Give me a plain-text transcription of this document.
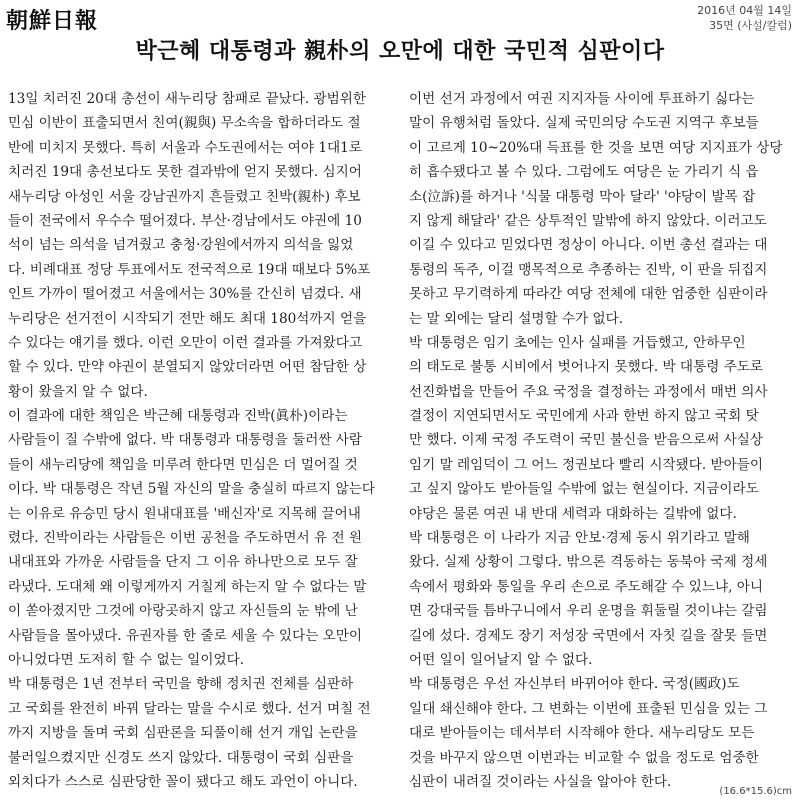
朝鮮日報	2016년 04월 14일
35면 (사설/칼럼)
박근혜 대통령과 親朴의 오만에 대한 국민적 심판이다
13일 치러진 20대 총선이 새누리당 참패로 끝났다. 광범위한
민심 이반이 표출되면서 친여(親與) 무소속을 합하더라도 절
반에 미치지 못했다. 특히 서울과 수도권에서는 여야 1대1로
치러진 19대 총선보다도 못한 결과밖에 얻지 못했다. 심지어
새누리당 아성인 서울 강남권까지 흔들렸고 친박(親朴) 후보
들이 전국에서 우수수 떨어졌다. 부산·경남에서도 야권에 10
석이 넘는 의석을 넘겨줬고 충청·강원에서까지 의석을 잃었
다. 비례대표 정당 투표에서도 전국적으로 19대 때보다 5%포
인트 가까이 떨어졌고 서울에서는 30%를 간신히 넘겼다. 새
누리당은 선거전이 시작되기 전만 해도 최대 180석까지 얻을
수 있다는 얘기를 했다. 이런 오만이 이런 결과를 가져왔다고
할 수 있다. 만약 야권이 분열되지 않았더라면 어떤 참담한 상
황이 왔을지 알 수 없다.
이 결과에 대한 책임은 박근혜 대통령과 진박(眞朴)이라는
사람들이 질 수밖에 없다. 박 대통령과 대통령을 둘러싼 사람
들이 새누리당에 책임을 미루려 한다면 민심은 더 멀어질 것
이다. 박 대통령은 작년 5월 자신의 말을 충실히 따르지 않는다
는 이유로 유승민 당시 원내대표를 '배신자'로 지목해 끌어내
렸다. 진박이라는 사람들은 이번 공천을 주도하면서 유 전 원
내대표와 가까운 사람들을 단지 그 이유 하나만으로 모두 잘
라냈다. 도대체 왜 이렇게까지 거칠게 하는지 알 수 없다는 말
이 쏟아졌지만 그것에 아랑곳하지 않고 자신들의 눈 밖에 난
사람들을 몰아냈다. 유권자를 한 줄로 세울 수 있다는 오만이
아니었다면 도저히 할 수 없는 일이었다.
박 대통령은 1년 전부터 국민을 향해 정치권 전체를 심판하
고 국회를 완전히 바꿔 달라는 말을 수시로 했다. 선거 며칠 전
까지 지방을 돌며 국회 심판론을 되풀이해 선거 개입 논란을
불러일으켰지만 신경도 쓰지 않았다. 대통령이 국회 심판을
외치다가 스스로 심판당한 꼴이 됐다고 해도 과언이 아니다.
이번 선거 과정에서 여권 지지자들 사이에 투표하기 싫다는
말이 유행처럼 돌았다. 실제 국민의당 수도권 지역구 후보들
이 고르게 10~20%대 득표를 한 것을 보면 여당 지지표가 상당
히 흡수됐다고 볼 수 있다. 그럼에도 여당은 눈 가리기 식 읍
소(泣訴)를 하거나 '식물 대통령 막아 달라' '야당이 발목 잡
지 않게 해달라' 같은 상투적인 말밖에 하지 않았다. 이러고도
이길 수 있다고 믿었다면 정상이 아니다. 이번 총선 결과는 대
통령의 독주, 이걸 맹목적으로 추종하는 진박, 이 판을 뒤집지
못하고 무기력하게 따라간 여당 전체에 대한 엄중한 심판이라
는 말 외에는 달리 설명할 수가 없다.
박 대통령은 임기 초에는 인사 실패를 거듭했고, 안하무인
의 태도로 불통 시비에서 벗어나지 못했다. 박 대통령 주도로
선진화법을 만들어 주요 국정을 결정하는 과정에서 매번 의사
결정이 지연되면서도 국민에게 사과 한번 하지 않고 국회 탓
만 했다. 이제 국정 주도력이 국민 불신을 받음으로써 사실상
임기 말 레임덕이 그 어느 정권보다 빨리 시작됐다. 받아들이
고 싶지 않아도 받아들일 수밖에 없는 현실이다. 지금이라도
야당은 물론 여권 내 반대 세력과 대화하는 길밖에 없다.
박 대통령은 이 나라가 지금 안보·경제 동시 위기라고 말해
왔다. 실제 상황이 그렇다. 밖으론 격동하는 동북아 국제 정세
속에서 평화와 통일을 우리 손으로 주도해갈 수 있느냐, 아니
면 강대국들 틈바구니에서 우리 운명을 휘둘릴 것이냐는 갈림
길에 섰다. 경제도 장기 저성장 국면에서 자칫 길을 잘못 들면
어떤 일이 일어날지 알 수 없다.
박 대통령은 우선 자신부터 바뀌어야 한다. 국정(國政)도
일대 쇄신해야 한다. 그 변화는 이번에 표출된 민심을 있는 그
대로 받아들이는 데서부터 시작해야 한다. 새누리당도 모든
것을 바꾸지 않으면 이번과는 비교할 수 없을 정도로 엄중한
심판이 내려질 것이라는 사실을 알아야 한다.
(16.6*15.6)cm
